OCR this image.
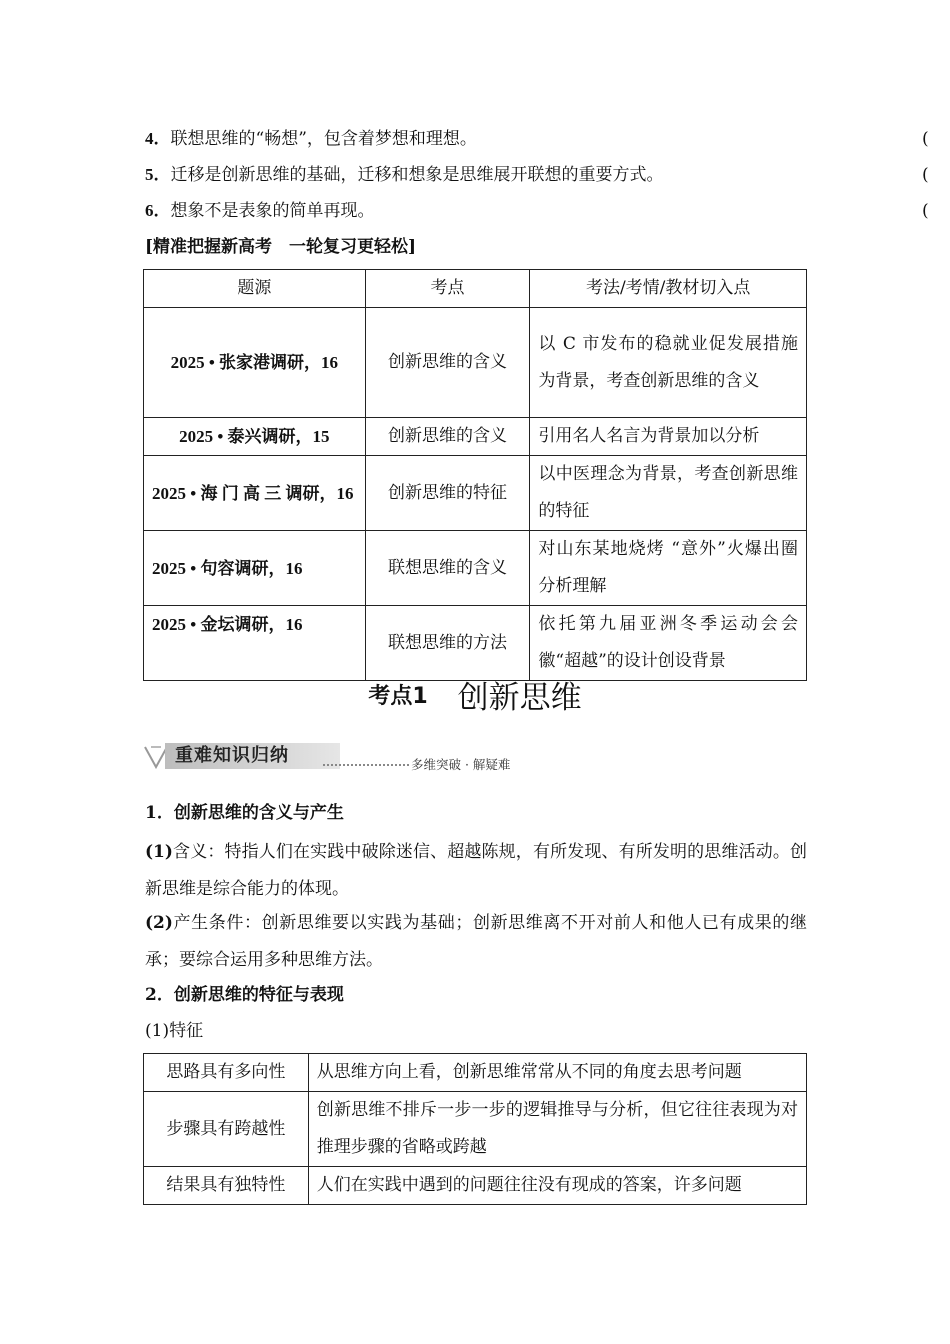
4．联想思维的“畅想”，包含着梦想和理想。	(
5．迁移是创新思维的基础，迁移和想象是思维展开联想的重要方式。	(
6．想象不是表象的简单再现。	(
[精准把握新高考　一轮复习更轻松]
题源	考点	考法/考情/教材切入点
2025 • 张家港调研，16	创新思维的含义	以 C 市发布的稳就业促发展措施为背景，考查创新思维的含义
2025 • 泰兴调研，15	创新思维的含义	引用名人名言为背景加以分析
2025 • 海 门 高 三 调研，16	创新思维的特征	以中医理念为背景，考查创新思维的特征
2025 • 句容调研，16	联想思维的含义	对山东某地烧烤 “意外”火爆出圈分析理解
2025 • 金坛调研，16	联想思维的方法	依托第九届亚洲冬季运动会会徽“超越”的设计创设背景
考点1 创新思维
重难知识归纳	多维突破 · 解疑难
1．创新思维的含义与产生
(1)含义：特指人们在实践中破除迷信、超越陈规，有所发现、有所发明的思维活动。创新思维是综合能力的体现。
(2)产生条件：创新思维要以实践为基础；创新思维离不开对前人和他人已有成果的继承；要综合运用多种思维方法。
2．创新思维的特征与表现
(1)特征
思路具有多向性	从思维方向上看，创新思维常常从不同的角度去思考问题
步骤具有跨越性	创新思维不排斥一步一步的逻辑推导与分析，但它往往表现为对推理步骤的省略或跨越
结果具有独特性	人们在实践中遇到的问题往往没有现成的答案，许多问题
